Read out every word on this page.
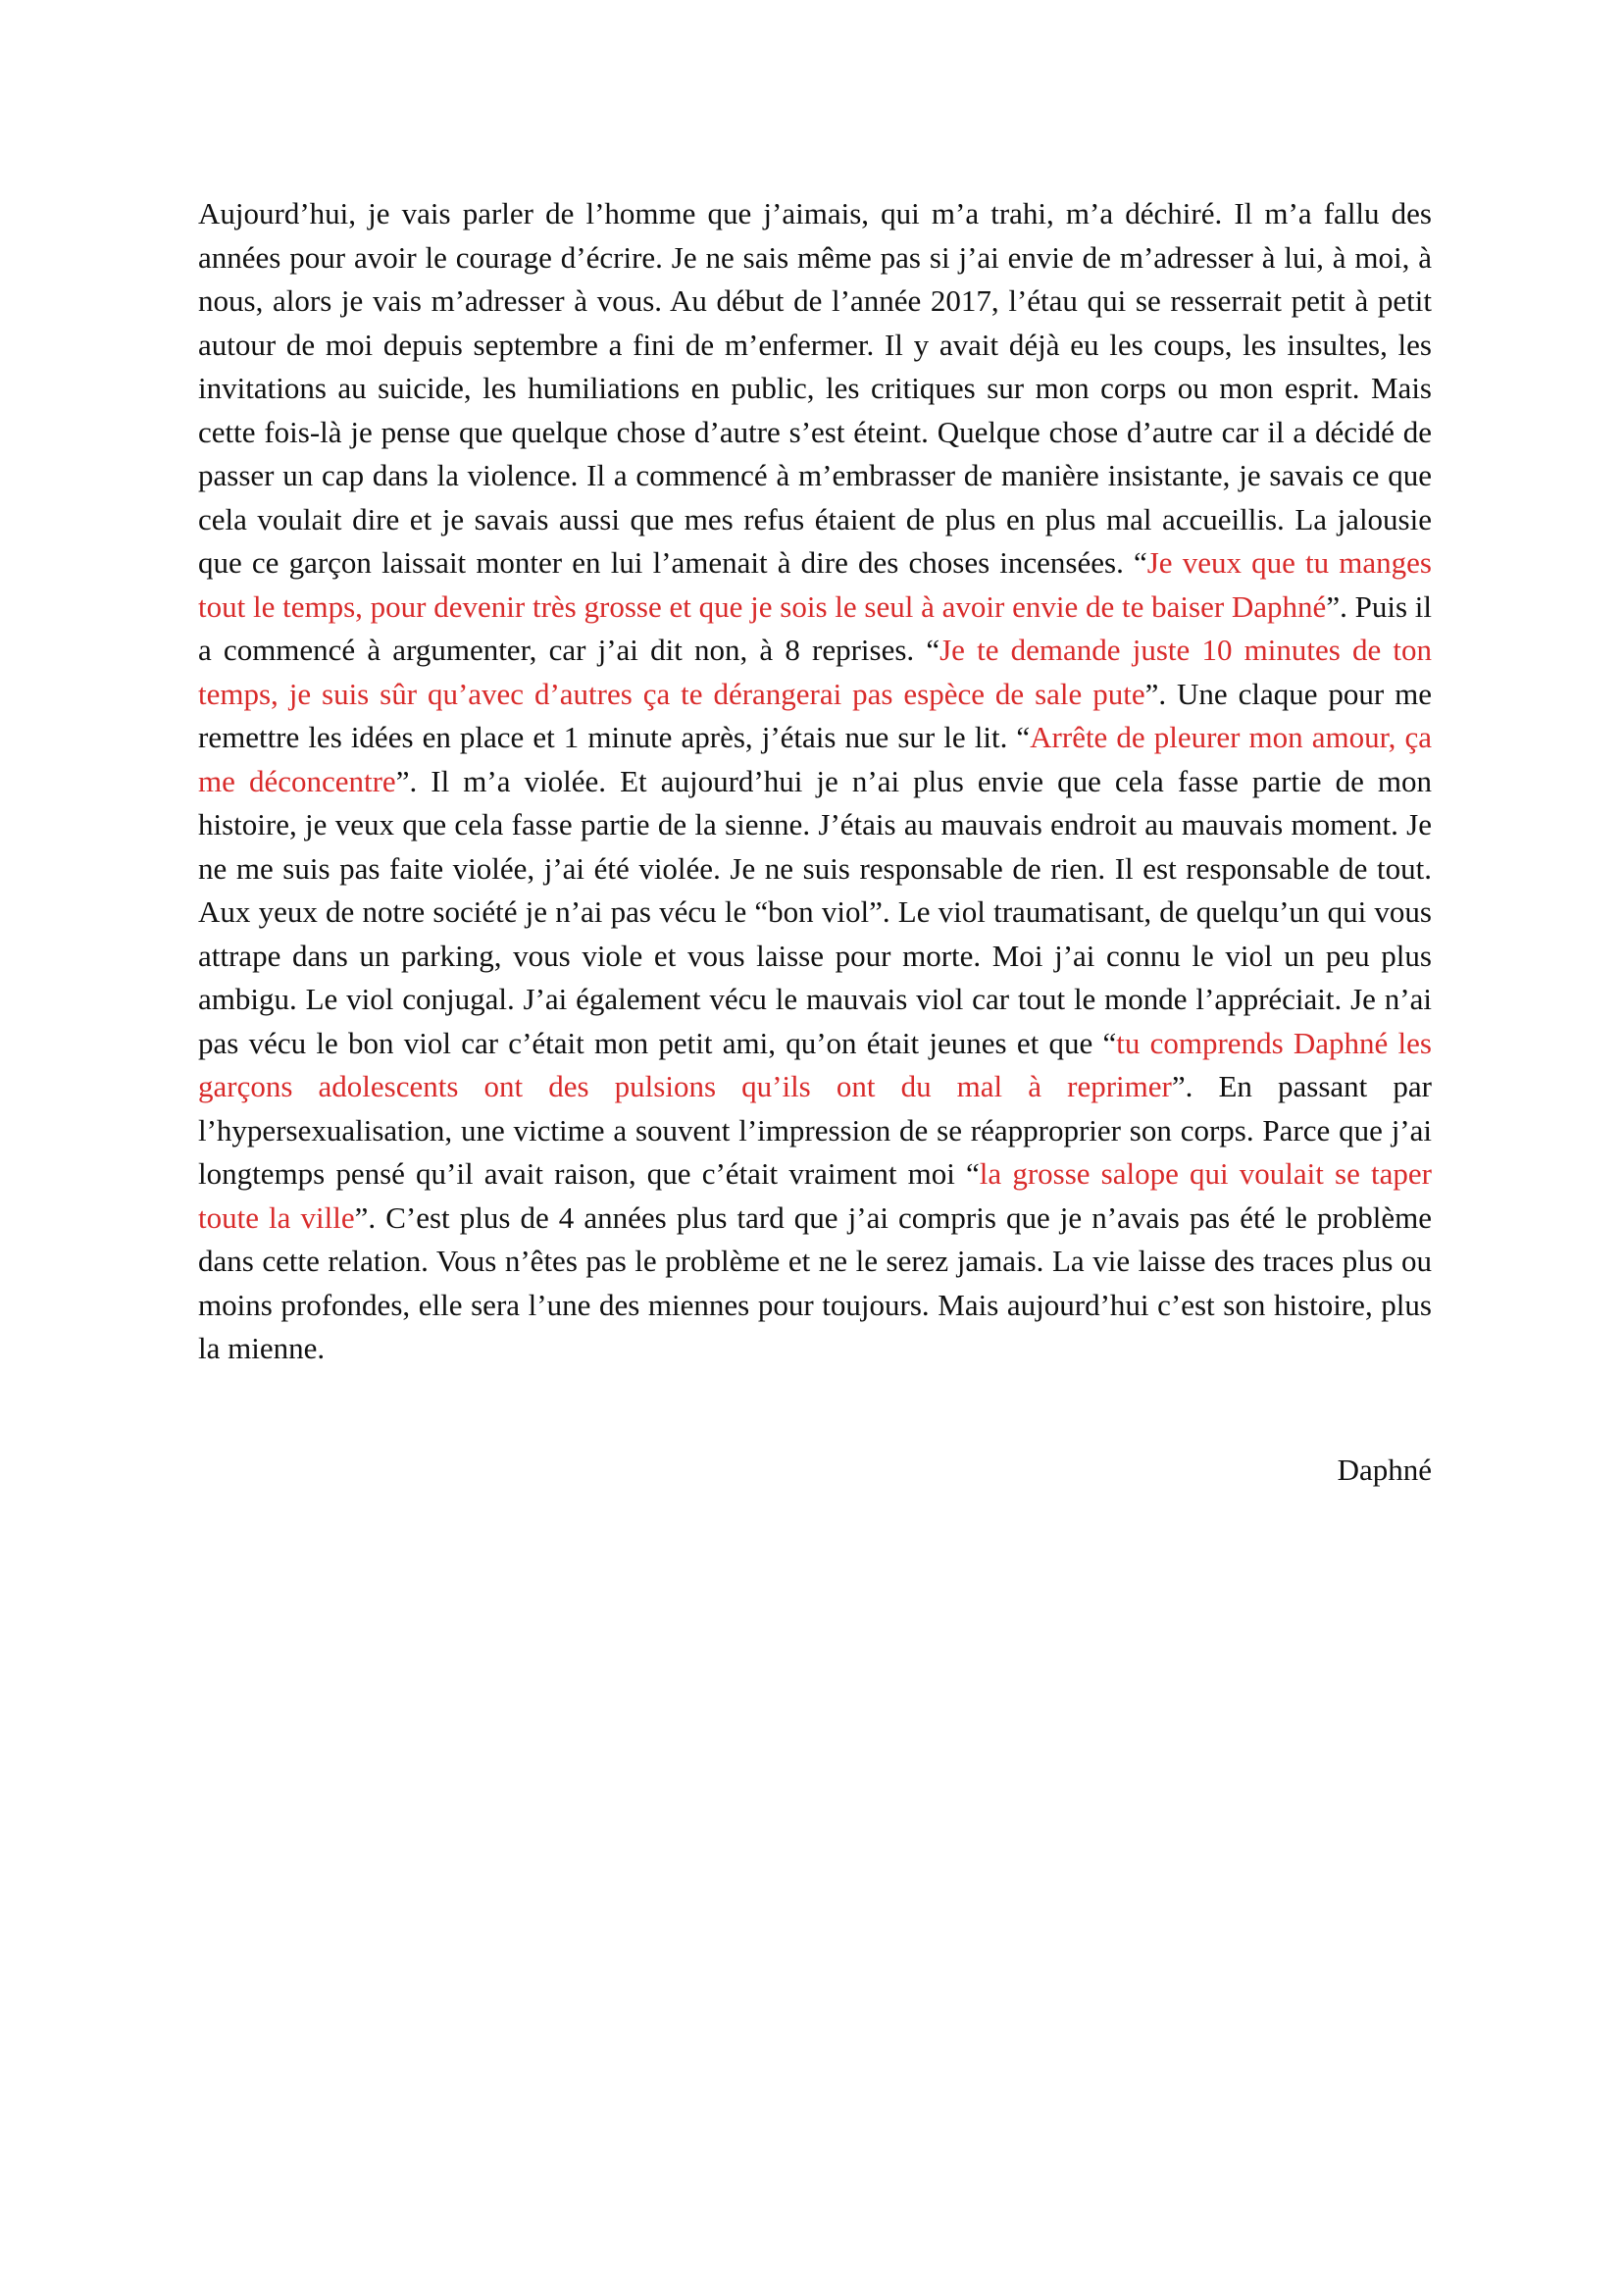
Aujourd’hui, je vais parler de l’homme que j’aimais, qui m’a trahi, m’a déchiré. Il m’a fallu des années pour avoir le courage d’écrire. Je ne sais même pas si j’ai envie de m’adresser à lui, à moi, à nous, alors je vais m’adresser à vous. Au début de l’année 2017, l’étau qui se resserrait petit à petit autour de moi depuis septembre a fini de m’enfermer. Il y avait déjà eu les coups, les insultes, les invitations au suicide, les humiliations en public, les critiques sur mon corps ou mon esprit. Mais cette fois-là je pense que quelque chose d’autre s’est éteint. Quelque chose d’autre car il a décidé de passer un cap dans la violence. Il a commencé à m’embrasser de manière insistante, je savais ce que cela voulait dire et je savais aussi que mes refus étaient de plus en plus mal accueillis. La jalousie que ce garçon laissait monter en lui l’amenait à dire des choses incensées. “Je veux que tu manges tout le temps, pour devenir très grosse et que je sois le seul à avoir envie de te baiser Daphné”. Puis il a commencé à argumenter, car j’ai dit non, à 8 reprises. “Je te demande juste 10 minutes de ton temps, je suis sûr qu’avec d’autres ça te dérangerai pas espèce de sale pute”. Une claque pour me remettre les idées en place et 1 minute après, j’étais nue sur le lit. “Arrête de pleurer mon amour, ça me déconcentre”. Il m’a violée. Et aujourd’hui je n’ai plus envie que cela fasse partie de mon histoire, je veux que cela fasse partie de la sienne. J’étais au mauvais endroit au mauvais moment. Je ne me suis pas faite violée, j’ai été violée. Je ne suis responsable de rien. Il est responsable de tout. Aux yeux de notre société je n’ai pas vécu le “bon viol”. Le viol traumatisant, de quelqu’un qui vous attrape dans un parking, vous viole et vous laisse pour morte. Moi j’ai connu le viol un peu plus ambigu. Le viol conjugal. J’ai également vécu le mauvais viol car tout le monde l’appréciait. Je n’ai pas vécu le bon viol car c’était mon petit ami, qu’on était jeunes et que “tu comprends Daphné les garçons adolescents ont des pulsions qu’ils ont du mal à reprimer”. En passant par l’hypersexualisation, une victime a souvent l’impression de se réapproprier son corps. Parce que j’ai longtemps pensé qu’il avait raison, que c’était vraiment moi “la grosse salope qui voulait se taper toute la ville”. C’est plus de 4 années plus tard que j’ai compris que je n’avais pas été le problème dans cette relation. Vous n’êtes pas le problème et ne le serez jamais. La vie laisse des traces plus ou moins profondes, elle sera l’une des miennes pour toujours. Mais aujourd’hui c’est son histoire, plus la mienne.

Daphné
